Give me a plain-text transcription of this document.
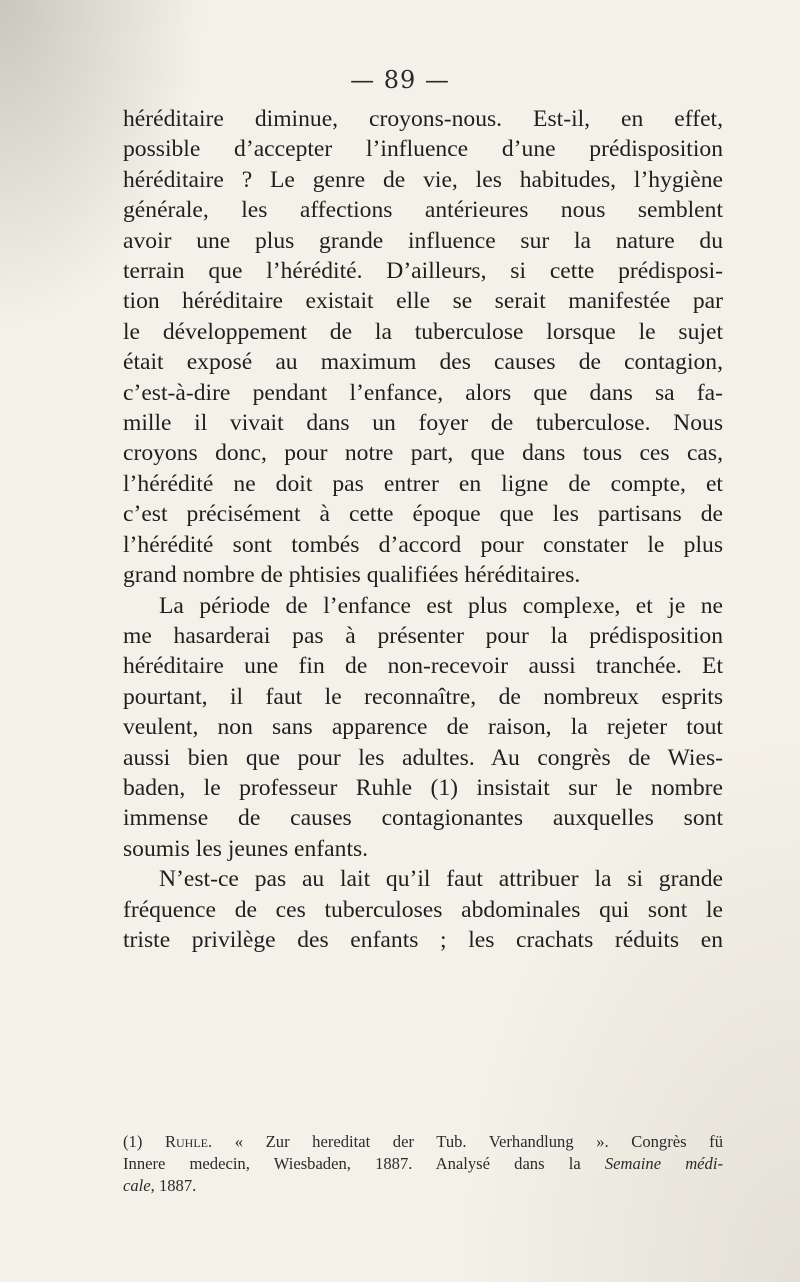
— 89 —
héréditaire diminue, croyons-nous. Est-il, en effet,
possible d’accepter l’influence d’une prédisposition
héréditaire ? Le genre de vie, les habitudes, l’hygiène
générale, les affections antérieures nous semblent
avoir une plus grande influence sur la nature du
terrain que l’hérédité. D’ailleurs, si cette prédisposi-
tion héréditaire existait elle se serait manifestée par
le développement de la tuberculose lorsque le sujet
était exposé au maximum des causes de contagion,
c’est-à-dire pendant l’enfance, alors que dans sa fa-
mille il vivait dans un foyer de tuberculose. Nous
croyons donc, pour notre part, que dans tous ces cas,
l’hérédité ne doit pas entrer en ligne de compte, et
c’est précisément à cette époque que les partisans de
l’hérédité sont tombés d’accord pour constater le plus
grand nombre de phtisies qualifiées héréditaires.
La période de l’enfance est plus complexe, et je ne
me hasarderai pas à présenter pour la prédisposition
héréditaire une fin de non-recevoir aussi tranchée. Et
pourtant, il faut le reconnaître, de nombreux esprits
veulent, non sans apparence de raison, la rejeter tout
aussi bien que pour les adultes. Au congrès de Wies-
baden, le professeur Ruhle (1) insistait sur le nombre
immense de causes contagionantes auxquelles sont
soumis les jeunes enfants.
N’est-ce pas au lait qu’il faut attribuer la si grande
fréquence de ces tuberculoses abdominales qui sont le
triste privilège des enfants ; les crachats réduits en
(1) Ruhle. « Zur hereditat der Tub. Verhandlung ». Congrès fü
Innere medecin, Wiesbaden, 1887. Analysé dans la Semaine médi-
cale, 1887.
